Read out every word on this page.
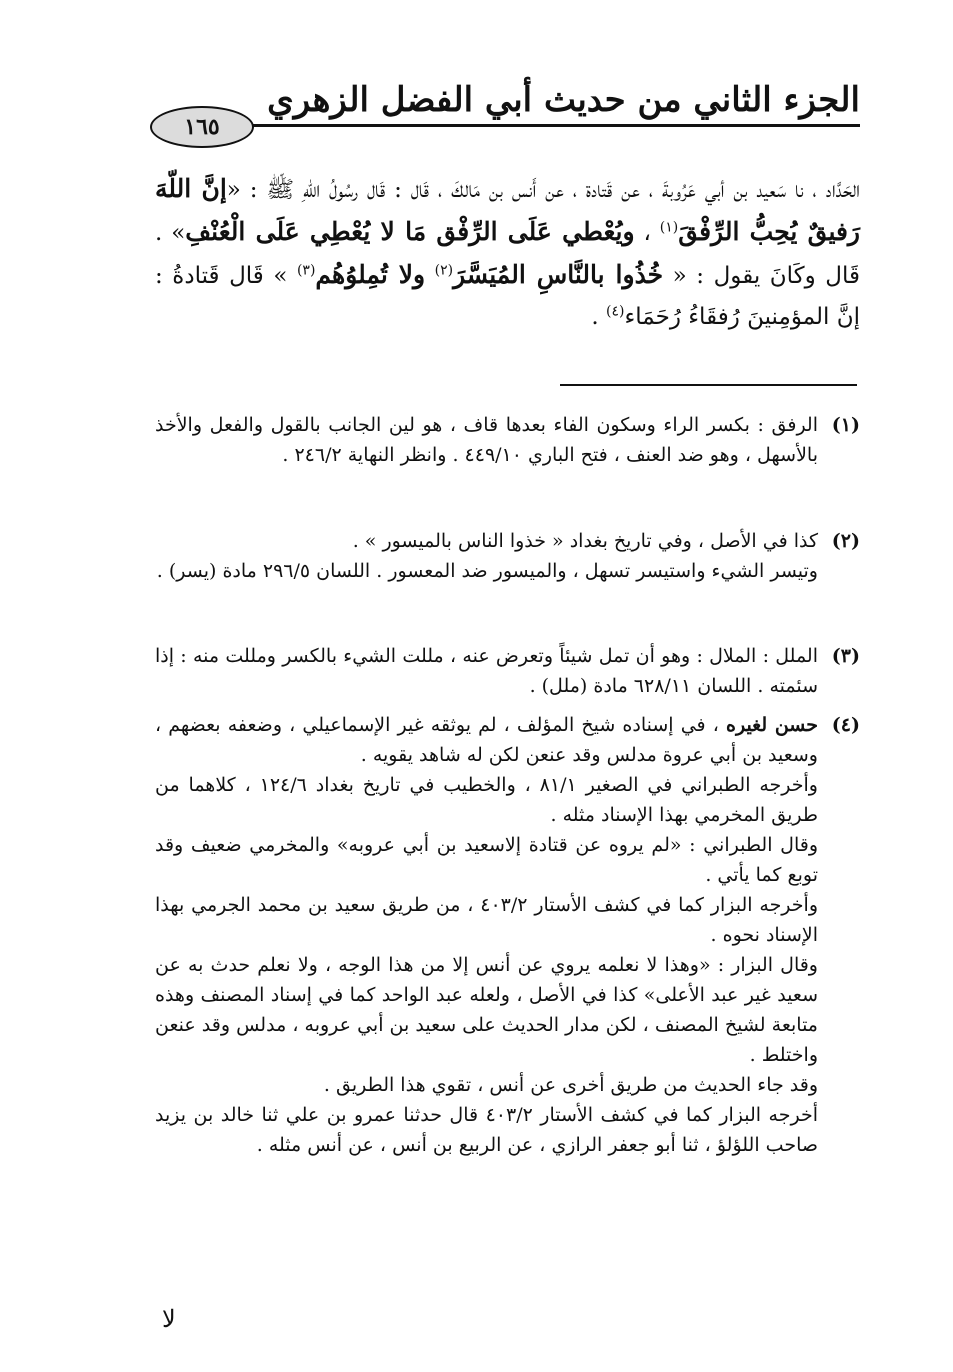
الجزء الثاني من حديث أبي الفضل الزهري
١٦٥

الحَدَّاد ، نا سَعيد بن أبي عَرُوبةَ ، عن قَتادة ، عن أَنس بن مَالكَ ، قَال : قَال رسُولُ اللّهِ ﷺ : «إنَّ اللّهَ رَفيقٌ يُحِبُّ الرِّفْقَ$^{(١)}$ ، ويُعْطي عَلَى الرِّفْق مَا لا يُعْطِي عَلَى الْعُنْفِ» . قَال وكَانَ يقول : « خُذُوا بالنَّاسِ المُيَسَّرَ$^{(٢)}$ ولا تُمِلوُهُم$^{(٣)}$ » قَال قَتادةُ : إنَّ المؤمِنينَ رُفقَاءُ رُحَمَاء$^{(٤)}$ .

(١)

الرفق : بكسر الراء وسكون الفاء بعدها قاف ، هو لين الجانب بالقول والفعل والأخذ بالأسهل ، وهو ضد العنف ، فتح الباري ٤٤٩/١٠ . وانظر النهاية ٢٤٦/٢ .

(٢)

كذا في الأصل ، وفي تاريخ بغداد « خذوا الناس بالميسور » .

وتيسر الشيء واستيسر تسهل ، والميسور ضد المعسور . اللسان ٢٩٦/٥ مادة (يسر) .

(٣)

الملل : الملال : وهو أن تمل شيئاً وتعرض عنه ، مللت الشيء بالكسر ومللت منه : إذا سئمته . اللسان ٦٢٨/١١ مادة (ملل) .

(٤)

حسن لغيره ، في إسناده شيخ المؤلف ، لم يوثقه غير الإسماعيلي ، وضعفه بعضهم ، وسعيد بن أبي عروة مدلس وقد عنعن لكن له شاهد يقويه .

وأخرجه الطبراني في الصغير ٨١/١ ، والخطيب في تاريخ بغداد ١٢٤/٦ ، كلاهما من طريق المخرمي بهذا الإسناد مثله .

وقال الطبراني : «لم يروه عن قتادة إلاسعيد بن أبي عروبه» والمخرمي ضعيف وقد توبع كما يأتي .

وأخرجه البزار كما في كشف الأستار ٤٠٣/٢ ، من طريق سعيد بن محمد الجرمي بهذا الإسناد نحوه .

وقال البزار : «وهذا لا نعلمه يروي عن أنس إلا من هذا الوجه ، ولا نعلم حدث به عن سعيد غير عبد الأعلى» كذا في الأصل ، ولعله عبد الواحد كما في إسناد المصنف وهذه متابعة لشيخ المصنف ، لكن مدار الحديث على سعيد بن أبي عروبه ، مدلس وقد عنعن واختلط .

وقد جاء الحديث من طريق أخرى عن أنس ، تقوي هذا الطريق .

أخرجه البزار كما في كشف الأستار ٤٠٣/٢ قال حدثنا عمرو بن علي ثنا خالد بن يزيد صاحب اللؤلؤ ، ثنا أبو جعفر الرازي ، عن الربيع بن أنس ، عن أنس مثله .

ﻻ
